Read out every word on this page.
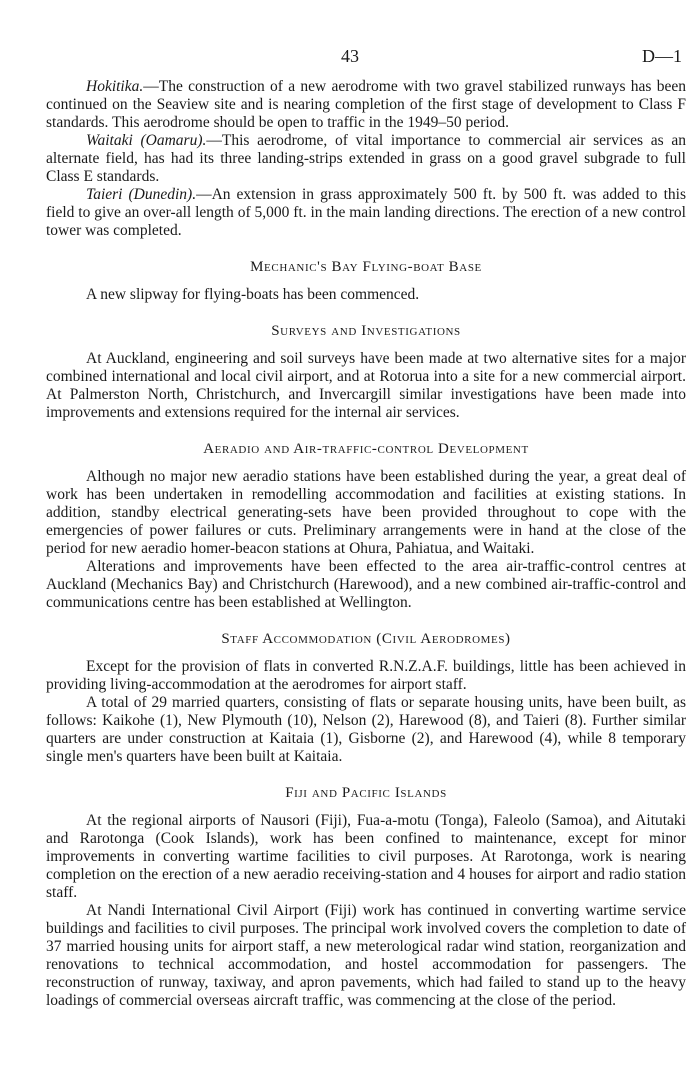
43	D—1

Hokitika.—The construction of a new aerodrome with two gravel stabilized runways has been continued on the Seaview site and is nearing completion of the first stage of development to Class F standards. This aerodrome should be open to traffic in the 1949–50 period.

Waitaki (Oamaru).—This aerodrome, of vital importance to commercial air services as an alternate field, has had its three landing-strips extended in grass on a good gravel subgrade to full Class E standards.

Taieri (Dunedin).—An extension in grass approximately 500 ft. by 500 ft. was added to this field to give an over-all length of 5,000 ft. in the main landing directions. The erection of a new control tower was completed.

Mechanic's Bay Flying-boat Base

A new slipway for flying-boats has been commenced.

Surveys and Investigations

At Auckland, engineering and soil surveys have been made at two alternative sites for a major combined international and local civil airport, and at Rotorua into a site for a new commercial airport. At Palmerston North, Christchurch, and Invercargill similar investigations have been made into improvements and extensions required for the internal air services.

Aeradio and Air-traffic-control Development

Although no major new aeradio stations have been established during the year, a great deal of work has been undertaken in remodelling accommodation and facilities at existing stations. In addition, standby electrical generating-sets have been provided throughout to cope with the emergencies of power failures or cuts. Preliminary arrangements were in hand at the close of the period for new aeradio homer-beacon stations at Ohura, Pahiatua, and Waitaki.

Alterations and improvements have been effected to the area air-traffic-control centres at Auckland (Mechanics Bay) and Christchurch (Harewood), and a new combined air-traffic-control and communications centre has been established at Wellington.

Staff Accommodation (Civil Aerodromes)

Except for the provision of flats in converted R.N.Z.A.F. buildings, little has been achieved in providing living-accommodation at the aerodromes for airport staff.

A total of 29 married quarters, consisting of flats or separate housing units, have been built, as follows: Kaikohe (1), New Plymouth (10), Nelson (2), Harewood (8), and Taieri (8). Further similar quarters are under construction at Kaitaia (1), Gisborne (2), and Harewood (4), while 8 temporary single men's quarters have been built at Kaitaia.

Fiji and Pacific Islands

At the regional airports of Nausori (Fiji), Fua-a-motu (Tonga), Faleolo (Samoa), and Aitutaki and Rarotonga (Cook Islands), work has been confined to maintenance, except for minor improvements in converting wartime facilities to civil purposes. At Rarotonga, work is nearing completion on the erection of a new aeradio receiving-station and 4 houses for airport and radio station staff.

At Nandi International Civil Airport (Fiji) work has continued in converting wartime service buildings and facilities to civil purposes. The principal work involved covers the completion to date of 37 married housing units for airport staff, a new meterological radar wind station, reorganization and renovations to technical accommodation, and hostel accommodation for passengers. The reconstruction of runway, taxiway, and apron pavements, which had failed to stand up to the heavy loadings of commercial overseas aircraft traffic, was commencing at the close of the period.
